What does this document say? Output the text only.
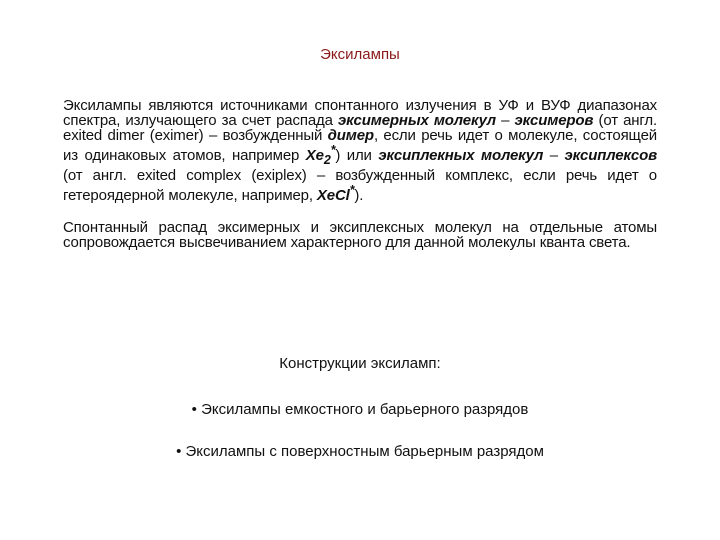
Эксилампы
Эксилампы являются источниками спонтанного излучения в УФ и ВУФ диапазонах спектра, излучающего за счет распада эксимерных молекул – эксимеров (от англ. exited dimer (eximer) – возбужденный димер, если речь идет о молекуле, состоящей из одинаковых атомов, например $Xe_2^*$) или эксиплекных молекул – эксиплексов (от англ. exited complex (exiplex) – возбужденный комплекс, если речь идет о гетероядерной молекуле, например, XeCl*).
Спонтанный распад эксимерных и эксиплексных молекул на отдельные атомы сопровождается высвечиванием характерного для данной молекулы кванта света.
Конструкции эксиламп:
• Эксилампы емкостного и барьерного разрядов
• Эксилампы с поверхностным барьерным разрядом
